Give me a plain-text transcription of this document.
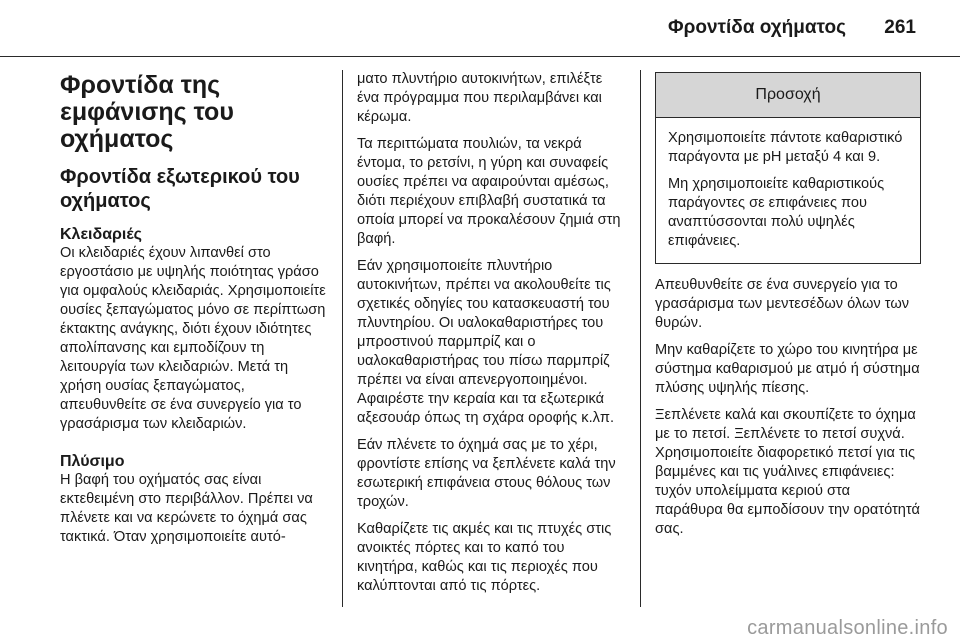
Φροντίδα οχήματος 261
Φροντίδα της εμφάνισης του οχήματος
Φροντίδα εξωτερικού του οχήματος
Κλειδαριές

Οι κλειδαριές έχουν λιπανθεί στο εργοστάσιο με υψηλής ποιότητας γράσο για ομφαλούς κλειδαριάς. Χρησιμοποιείτε ουσίες ξεπαγώματος μόνο σε περίπτωση έκτακτης ανάγκης, διότι έχουν ιδιότητες απολίπανσης και εμποδίζουν τη λειτουργία των κλειδαριών. Μετά τη χρήση ουσίας ξεπαγώματος, απευθυνθείτε σε ένα συνεργείο για το γρασάρισμα των κλειδαριών.

Πλύσιμο

Η βαφή του οχήματός σας είναι εκτεθειμένη στο περιβάλλον. Πρέπει να πλένετε και να κερώνετε το όχημά σας τακτικά. Όταν χρησιμοποιείτε αυτό-

ματο πλυντήριο αυτοκινήτων, επιλέξτε ένα πρόγραμμα που περιλαμβάνει και κέρωμα.

Τα περιττώματα πουλιών, τα νεκρά έντομα, το ρετσίνι, η γύρη και συναφείς ουσίες πρέπει να αφαιρούνται αμέσως, διότι περιέχουν επιβλαβή συστατικά τα οποία μπορεί να προκαλέσουν ζημιά στη βαφή.

Εάν χρησιμοποιείτε πλυντήριο αυτοκινήτων, πρέπει να ακολουθείτε τις σχετικές οδηγίες του κατασκευαστή του πλυντηρίου. Οι υαλοκαθαριστήρες του μπροστινού παρμπρίζ και ο υαλοκαθαριστήρας του πίσω παρμπρίζ πρέπει να είναι απενεργοποιημένοι. Αφαιρέστε την κεραία και τα εξωτερικά αξεσουάρ όπως τη σχάρα οροφής κ.λπ.

Εάν πλένετε το όχημά σας με το χέρι, φροντίστε επίσης να ξεπλένετε καλά την εσωτερική επιφάνεια στους θόλους των τροχών.

Καθαρίζετε τις ακμές και τις πτυχές στις ανοικτές πόρτες και το καπό του κινητήρα, καθώς και τις περιοχές που καλύπτονται από τις πόρτες.

Προσοχή

Χρησιμοποιείτε πάντοτε καθαριστικό παράγοντα με pH μεταξύ 4 και 9.

Μη χρησιμοποιείτε καθαριστικούς παράγοντες σε επιφάνειες που αναπτύσσονται πολύ υψηλές επιφάνειες.

Απευθυνθείτε σε ένα συνεργείο για το γρασάρισμα των μεντεσέδων όλων των θυρών.

Μην καθαρίζετε το χώρο του κινητήρα με σύστημα καθαρισμού με ατμό ή σύστημα πλύσης υψηλής πίεσης.

Ξεπλένετε καλά και σκουπίζετε το όχημα με το πετσί. Ξεπλένετε το πετσί συχνά. Χρησιμοποιείτε διαφορετικό πετσί για τις βαμμένες και τις γυάλινες επιφάνειες: τυχόν υπολείμματα κεριού στα παράθυρα θα εμποδίσουν την ορατότητά σας.

carmanualsonline.info
